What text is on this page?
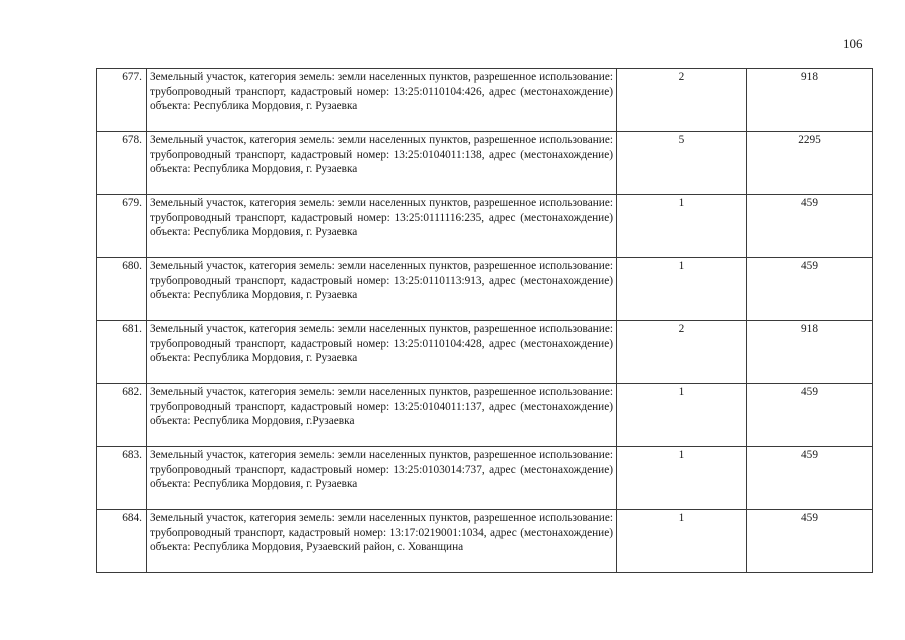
106
677.	Земельный участок, категория земель: земли населенных пунктов, разрешенное использование: трубопроводный транспорт, кадастровый номер: 13:25:0110104:426, адрес (местонахождение) объекта: Республика Мордовия, г. Рузаевка	2	918
678.	Земельный участок, категория земель: земли населенных пунктов, разрешенное использование: трубопроводный транспорт, кадастровый номер: 13:25:0104011:138, адрес (местонахождение) объекта: Республика Мордовия, г. Рузаевка	5	2295
679.	Земельный участок, категория земель: земли населенных пунктов, разрешенное использование: трубопроводный транспорт, кадастровый номер: 13:25:0111116:235, адрес (местонахождение) объекта: Республика Мордовия, г. Рузаевка	1	459
680.	Земельный участок, категория земель: земли населенных пунктов, разрешенное использование: трубопроводный транспорт, кадастровый номер: 13:25:0110113:913, адрес (местонахождение) объекта: Республика Мордовия, г. Рузаевка	1	459
681.	Земельный участок, категория земель: земли населенных пунктов, разрешенное использование: трубопроводный транспорт, кадастровый номер: 13:25:0110104:428, адрес (местонахождение) объекта: Республика Мордовия, г. Рузаевка	2	918
682.	Земельный участок, категория земель: земли населенных пунктов, разрешенное использование: трубопроводный транспорт, кадастровый номер: 13:25:0104011:137, адрес (местонахождение) объекта: Республика Мордовия, г.Рузаевка	1	459
683.	Земельный участок, категория земель: земли населенных пунктов, разрешенное использование: трубопроводный транспорт, кадастровый номер: 13:25:0103014:737, адрес (местонахождение) объекта: Республика Мордовия, г. Рузаевка	1	459
684.	Земельный участок, категория земель: земли населенных пунктов, разрешенное использование: трубопроводный транспорт, кадастровый номер: 13:17:0219001:1034, адрес (местонахождение) объекта: Республика Мордовия, Рузаевский район, с. Хованщина	1	459
